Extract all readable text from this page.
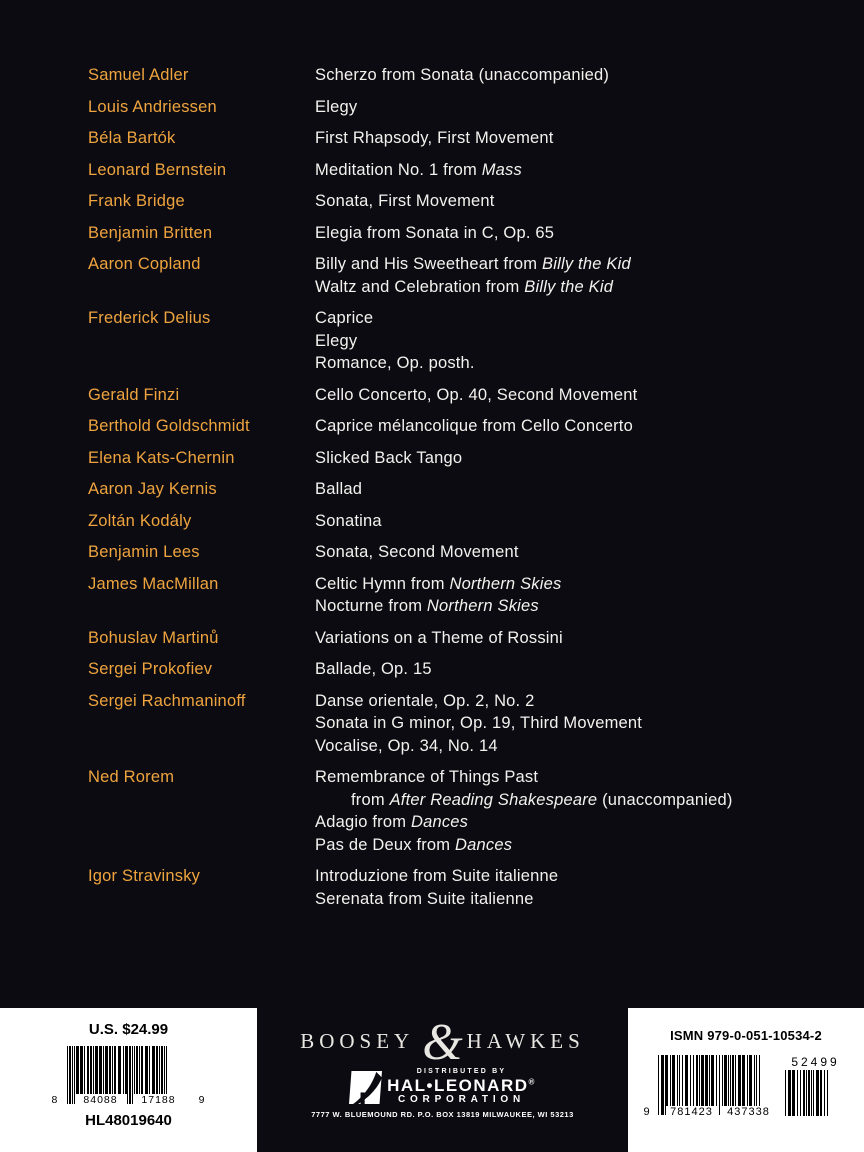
Samuel Adler	Scherzo from Sonata (unaccompanied)
Louis Andriessen	Elegy
Béla Bartók	First Rhapsody, First Movement
Leonard Bernstein	Meditation No. 1 from Mass
Frank Bridge	Sonata, First Movement
Benjamin Britten	Elegia from Sonata in C, Op. 65
Aaron Copland	Billy and His Sweetheart from Billy the Kid
Waltz and Celebration from Billy the Kid
Frederick Delius	Caprice
Elegy
Romance, Op. posth.
Gerald Finzi	Cello Concerto, Op. 40, Second Movement
Berthold Goldschmidt	Caprice mélancolique from Cello Concerto
Elena Kats-Chernin	Slicked Back Tango
Aaron Jay Kernis	Ballad
Zoltán Kodály	Sonatina
Benjamin Lees	Sonata, Second Movement
James MacMillan	Celtic Hymn from Northern Skies
Nocturne from Northern Skies
Bohuslav Martinů	Variations on a Theme of Rossini
Sergei Prokofiev	Ballade, Op. 15
Sergei Rachmaninoff	Danse orientale, Op. 2, No. 2
Sonata in G minor, Op. 19, Third Movement
Vocalise, Op. 34, No. 14
Ned Rorem	Remembrance of Things Past
from After Reading Shakespeare (unaccompanied)
Adagio from Dances
Pas de Deux from Dances
Igor Stravinsky	Introduzione from Suite italienne
Serenata from Suite italienne
U.S. $24.99
8	84088	17188	9
HL48019640
BOOSEY & HAWKES
DISTRIBUTED BY
HAL•LEONARD®
CORPORATION
7777 W. BLUEMOUND RD. P.O. BOX 13819 MILWAUKEE, WI 53213
ISMN 979-0-051-10534-2
9	781423	437338
52499
